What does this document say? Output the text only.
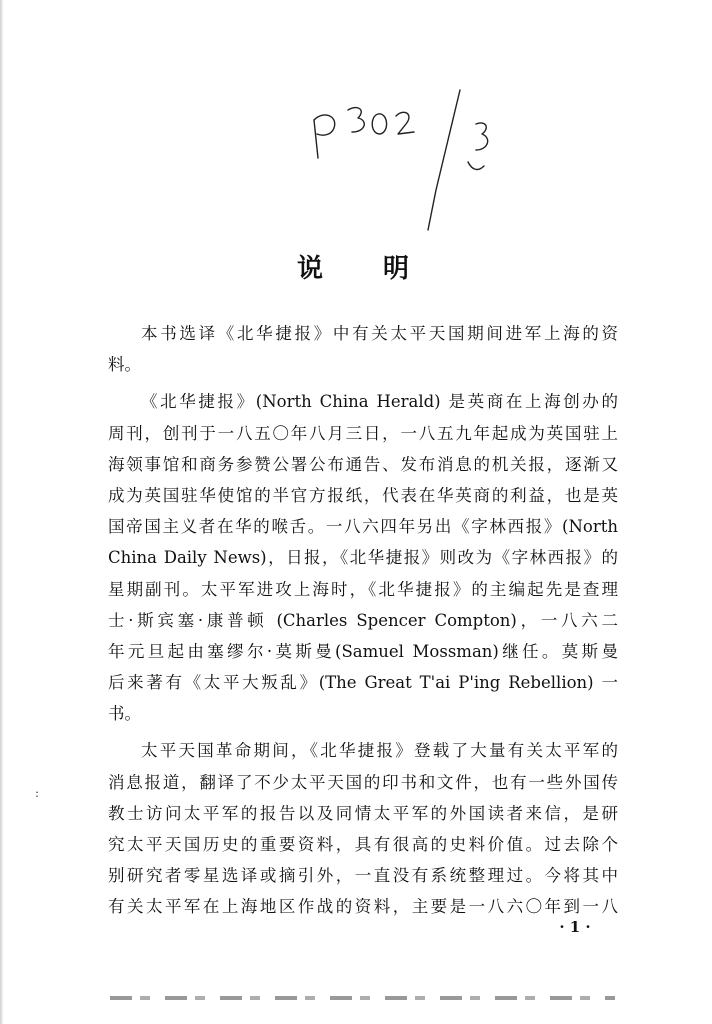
说 明
本书选译《北华捷报》中有关太平天国期间进军上海的资
料。
《北华捷报》(North China Herald) 是英商在上海创办的
周刊，创刊于一八五〇年八月三日，一八五九年起成为英国驻上
海领事馆和商务参赞公署公布通告、发布消息的机关报，逐渐又
成为英国驻华使馆的半官方报纸，代表在华英商的利益，也是英
国帝国主义者在华的喉舌。一八六四年另出《字林西报》(North
China Daily News)，日报，《北华捷报》则改为《字林西报》的
星期副刊。太平军进攻上海时，《北华捷报》的主编起先是查理
士·斯宾塞·康普顿 (Charles Spencer Compton)，一八六二
年元旦起由塞缪尔·莫斯曼(Samuel Mossman)继任。莫斯曼
后来著有《太平大叛乱》(The Great T'ai P'ing Rebellion) 一
书。
太平天国革命期间，《北华捷报》登载了大量有关太平军的
消息报道，翻译了不少太平天国的印书和文件，也有一些外国传
教士访问太平军的报告以及同情太平军的外国读者来信，是研
究太平天国历史的重要资料，具有很高的史料价值。过去除个
别研究者零星选译或摘引外，一直没有系统整理过。今将其中
有关太平军在上海地区作战的资料，主要是一八六〇年到一八
· 1 ·
:
